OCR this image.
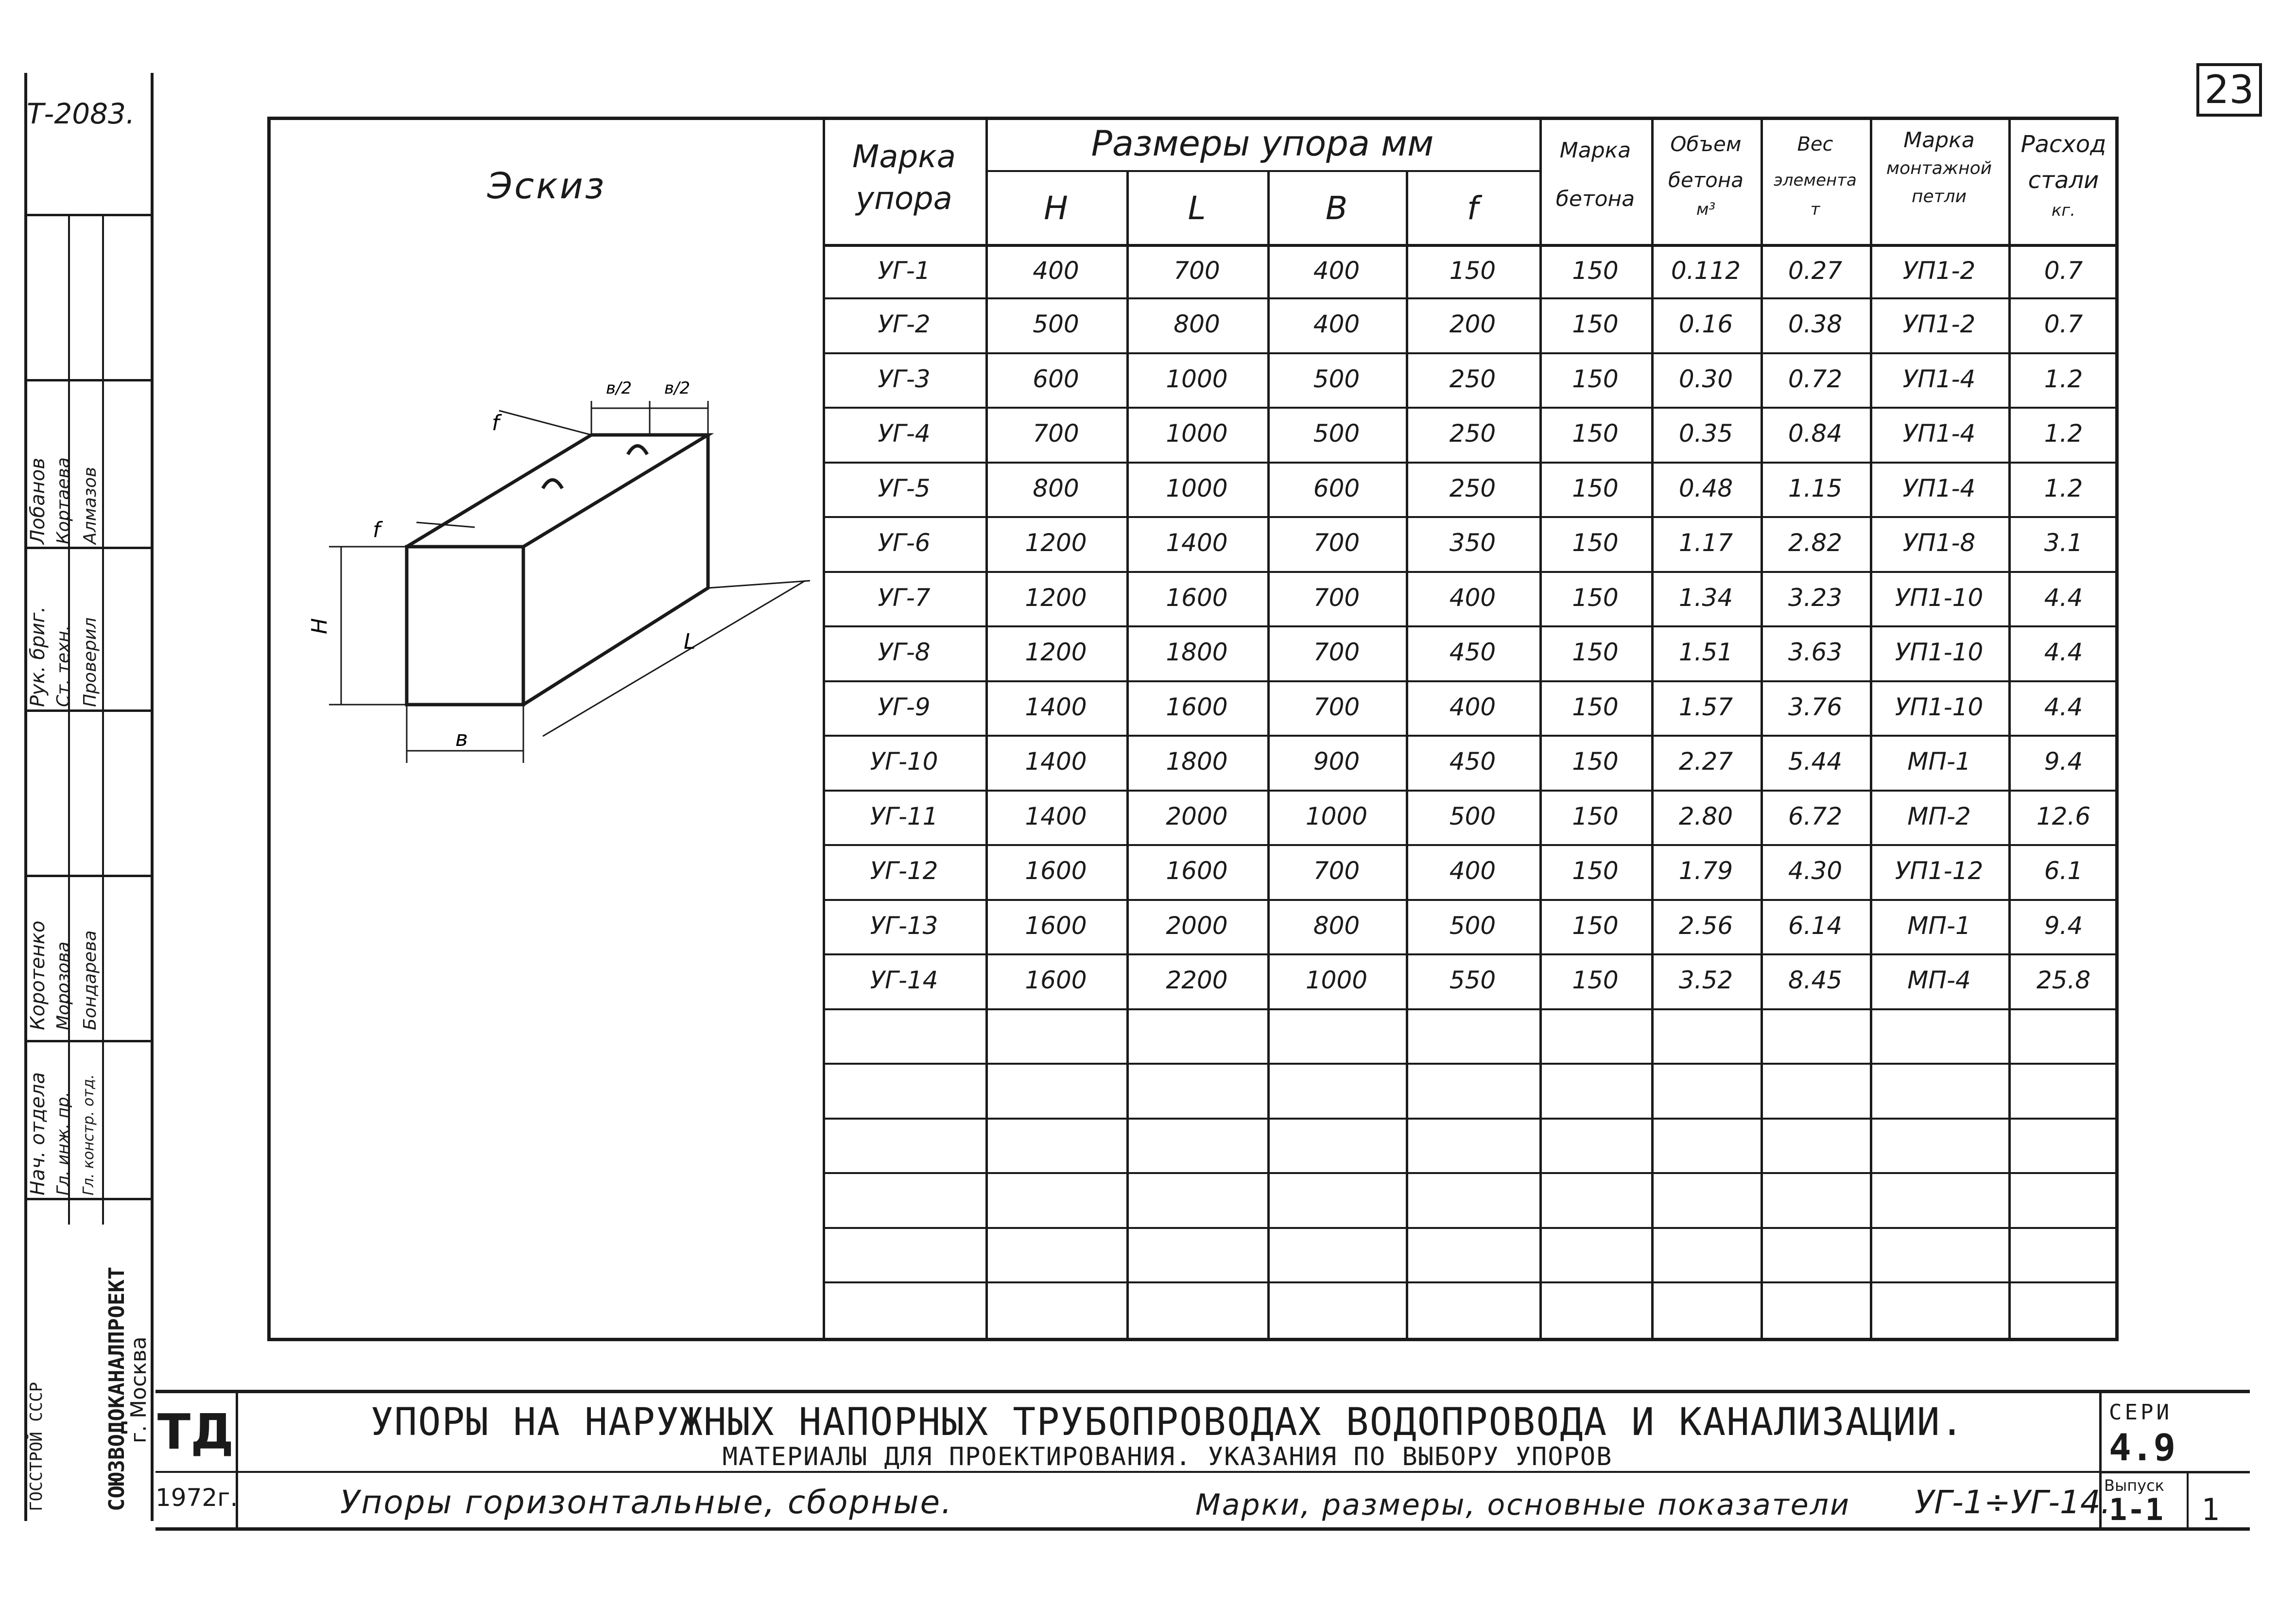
Т-2083.
23
Эскиз
Н
в
L
f
f
в/2 в/2
Марка
упора
Размеры упора мм
Н	L	В	f
Марка
бетона
Объем
бетона
м³
Вес
элемента
т
Марка
монтажной
петли
Расход
стали
кг.
УГ-1	400	700	400	150	150	0.112	0.27	УП1-2	0.7
УГ-2	500	800	400	200	150	0.16	0.38	УП1-2	0.7
УГ-3	600	1000	500	250	150	0.30	0.72	УП1-4	1.2
УГ-4	700	1000	500	250	150	0.35	0.84	УП1-4	1.2
УГ-5	800	1000	600	250	150	0.48	1.15	УП1-4	1.2
УГ-6	1200	1400	700	350	150	1.17	2.82	УП1-8	3.1
УГ-7	1200	1600	700	400	150	1.34	3.23	УП1-10	4.4
УГ-8	1200	1800	700	450	150	1.51	3.63	УП1-10	4.4
УГ-9	1400	1600	700	400	150	1.57	3.76	УП1-10	4.4
УГ-10	1400	1800	900	450	150	2.27	5.44	МП-1	9.4
УГ-11	1400	2000	1000	500	150	2.80	6.72	МП-2	12.6
УГ-12	1600	1600	700	400	150	1.79	4.30	УП1-12	6.1
УГ-13	1600	2000	800	500	150	2.56	6.14	МП-1	9.4
УГ-14	1600	2200	1000	550	150	3.52	8.45	МП-4	25.8
Нач. отдела Гл. инж. пр. Гл. констр. отд.
Коротенко Морозова Бондарева
Рук. бриг. Ст. техн. Проверил
Лобанов Кортаева Алмазов
СОЮЗВОДОКАНАЛПРОЕКТ
г. Москва
ГОССТРОЙ СССР ТД
1972г.
УПОРЫ НА НАРУЖНЫХ НАПОРНЫХ ТРУБОПРОВОДАХ ВОДОПРОВОДА И КАНАЛИЗАЦИИ.
МАТЕРИАЛЫ ДЛЯ ПРОЕКТИРОВАНИЯ. УКАЗАНИЯ ПО ВЫБОРУ УПОРОВ
Упоры горизонтальные, сборные.	Марки, размеры, основные показатели УГ-1÷УГ-14.
СЕРИ
4.9
Выпуск
1-1 1
